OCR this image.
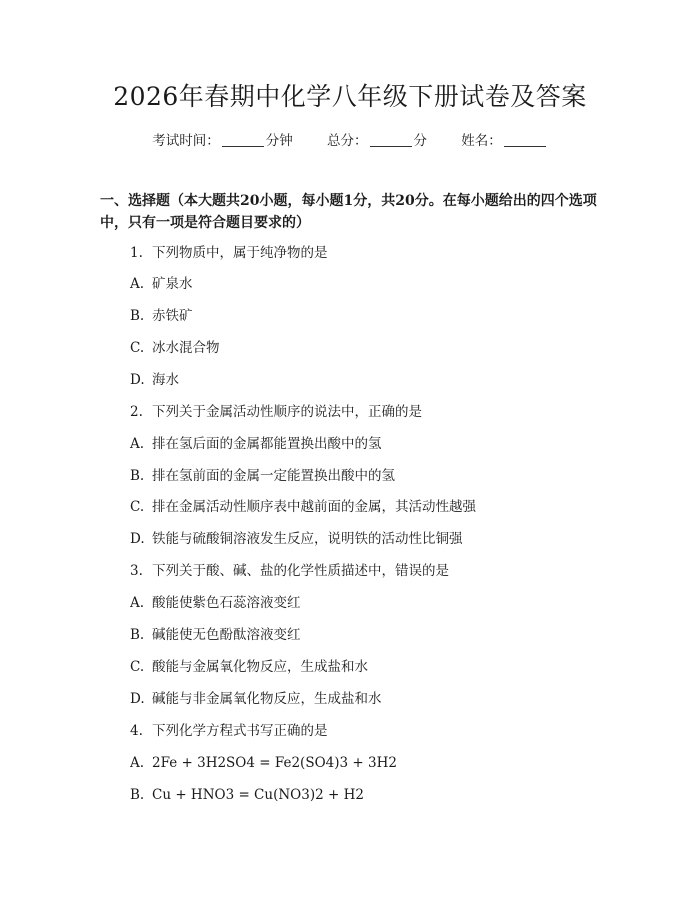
2026年春期中化学八年级下册试卷及答案
考试时间：	分钟	总分：	分	姓名：
一、选择题（本大题共20小题，每小题1分，共20分。在每小题给出的四个选项中，只有一项是符合题目要求的）
1. 下列物质中，属于纯净物的是
A. 矿泉水
B. 赤铁矿
C. 冰水混合物
D. 海水
2. 下列关于金属活动性顺序的说法中，正确的是
A. 排在氢后面的金属都能置换出酸中的氢
B. 排在氢前面的金属一定能置换出酸中的氢
C. 排在金属活动性顺序表中越前面的金属，其活动性越强
D. 铁能与硫酸铜溶液发生反应，说明铁的活动性比铜强
3. 下列关于酸、碱、盐的化学性质描述中，错误的是
A. 酸能使紫色石蕊溶液变红
B. 碱能使无色酚酞溶液变红
C. 酸能与金属氧化物反应，生成盐和水
D. 碱能与非金属氧化物反应，生成盐和水
4. 下列化学方程式书写正确的是
A. 2Fe + 3H2SO4 = Fe2(SO4)3 + 3H2
B. Cu + HNO3 = Cu(NO3)2 + H2
